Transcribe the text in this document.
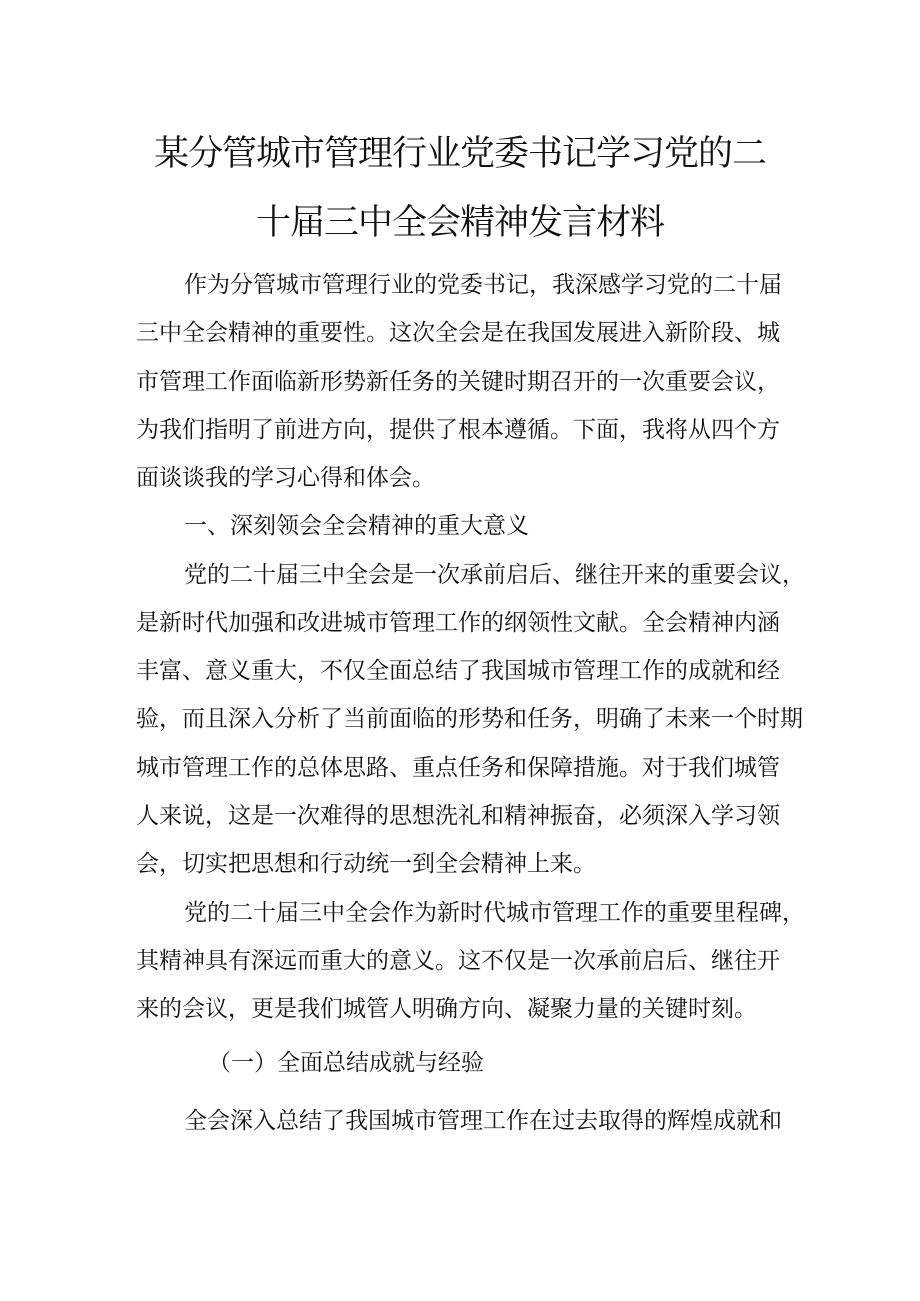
某分管城市管理行业党委书记学习党的二
十届三中全会精神发言材料

作为分管城市管理行业的党委书记，我深感学习党的二十届

三中全会精神的重要性。这次全会是在我国发展进入新阶段、城

市管理工作面临新形势新任务的关键时期召开的一次重要会议，

为我们指明了前进方向，提供了根本遵循。下面，我将从四个方

面谈谈我的学习心得和体会。

一、深刻领会全会精神的重大意义

党的二十届三中全会是一次承前启后、继往开来的重要会议，

是新时代加强和改进城市管理工作的纲领性文献。全会精神内涵

丰富、意义重大，不仅全面总结了我国城市管理工作的成就和经

验，而且深入分析了当前面临的形势和任务，明确了未来一个时期

城市管理工作的总体思路、重点任务和保障措施。对于我们城管

人来说，这是一次难得的思想洗礼和精神振奋，必须深入学习领

会，切实把思想和行动统一到全会精神上来。

党的二十届三中全会作为新时代城市管理工作的重要里程碑，

其精神具有深远而重大的意义。这不仅是一次承前启后、继往开

来的会议，更是我们城管人明确方向、凝聚力量的关键时刻。

（一）全面总结成就与经验

全会深入总结了我国城市管理工作在过去取得的辉煌成就和
